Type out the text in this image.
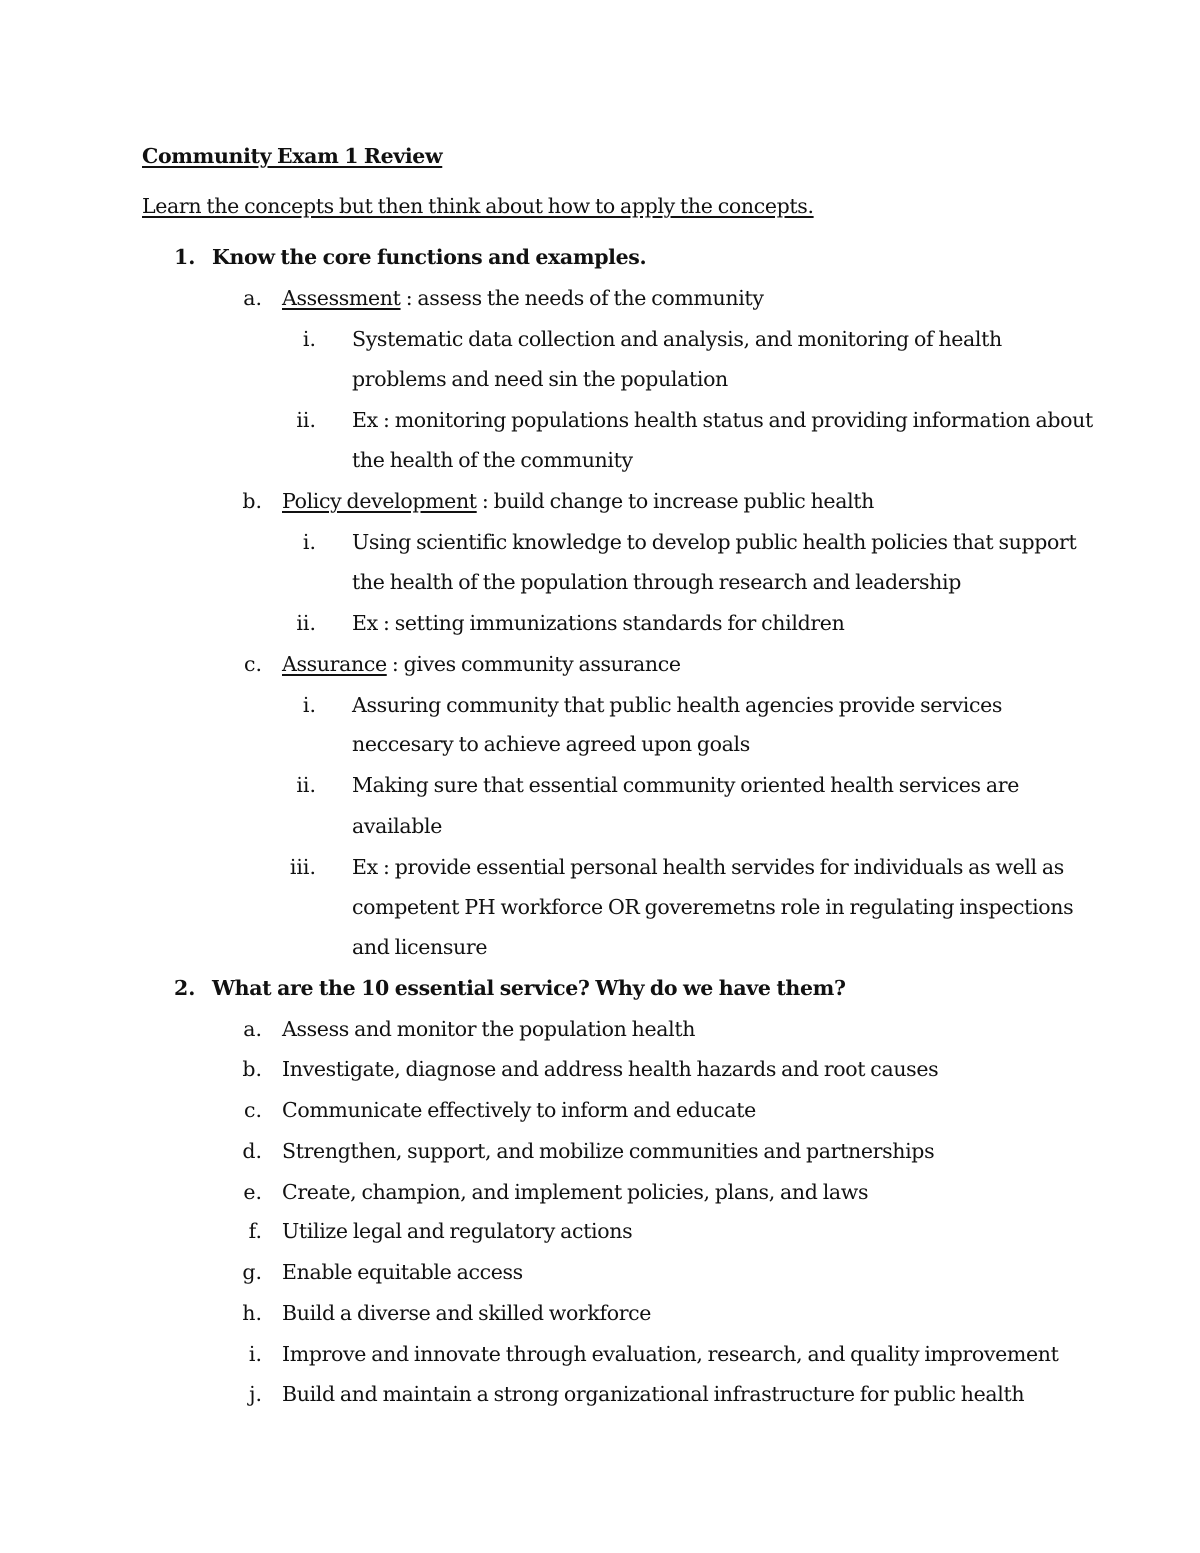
Community Exam 1 Review
Learn the concepts but then think about how to apply the concepts.
1. Know the core functions and examples.
a. Assessment : assess the needs of the community
i. Systematic data collection and analysis, and monitoring of health
problems and need sin the population
ii. Ex : monitoring populations health status and providing information about
the health of the community
b. Policy development : build change to increase public health
i. Using scientific knowledge to develop public health policies that support
the health of the population through research and leadership
ii. Ex : setting immunizations standards for children
c. Assurance : gives community assurance
i. Assuring community that public health agencies provide services
neccesary to achieve agreed upon goals
ii. Making sure that essential community oriented health services are
available
iii. Ex : provide essential personal health servides for individuals as well as
competent PH workforce OR goveremetns role in regulating inspections
and licensure
2. What are the 10 essential service? Why do we have them?
a. Assess and monitor the population health
b. Investigate, diagnose and address health hazards and root causes
c. Communicate effectively to inform and educate
d. Strengthen, support, and mobilize communities and partnerships
e. Create, champion, and implement policies, plans, and laws
f. Utilize legal and regulatory actions
g. Enable equitable access
h. Build a diverse and skilled workforce
i. Improve and innovate through evaluation, research, and quality improvement
j. Build and maintain a strong organizational infrastructure for public health
